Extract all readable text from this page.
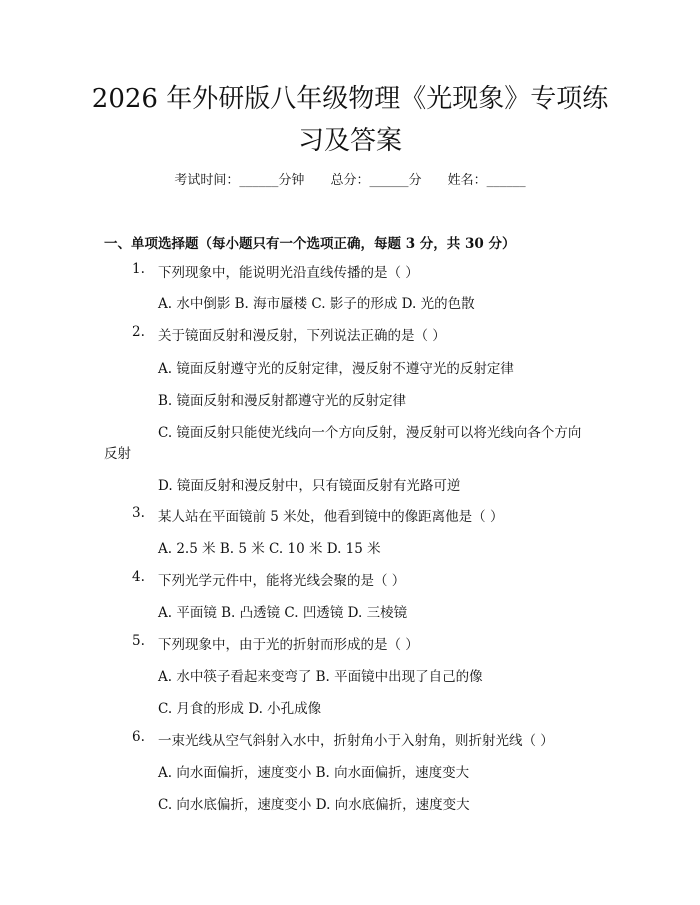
2026 年外研版八年级物理《光现象》专项练
习及答案
考试时间：______分钟 总分：______分 姓名：______
一、单项选择题（每小题只有一个选项正确，每题 3 分，共 30 分）
1. 下列现象中，能说明光沿直线传播的是（ ）
A. 水中倒影 B. 海市蜃楼 C. 影子的形成 D. 光的色散
2. 关于镜面反射和漫反射，下列说法正确的是（ ）
A. 镜面反射遵守光的反射定律，漫反射不遵守光的反射定律
B. 镜面反射和漫反射都遵守光的反射定律
C. 镜面反射只能使光线向一个方向反射，漫反射可以将光线向各个方向
反射
D. 镜面反射和漫反射中，只有镜面反射有光路可逆
3. 某人站在平面镜前 5 米处，他看到镜中的像距离他是（ ）
A. 2.5 米 B. 5 米 C. 10 米 D. 15 米
4. 下列光学元件中，能将光线会聚的是（ ）
A. 平面镜 B. 凸透镜 C. 凹透镜 D. 三棱镜
5. 下列现象中，由于光的折射而形成的是（ ）
A. 水中筷子看起来变弯了 B. 平面镜中出现了自己的像
C. 月食的形成 D. 小孔成像
6. 一束光线从空气斜射入水中，折射角小于入射角，则折射光线（ ）
A. 向水面偏折，速度变小 B. 向水面偏折，速度变大
C. 向水底偏折，速度变小 D. 向水底偏折，速度变大
